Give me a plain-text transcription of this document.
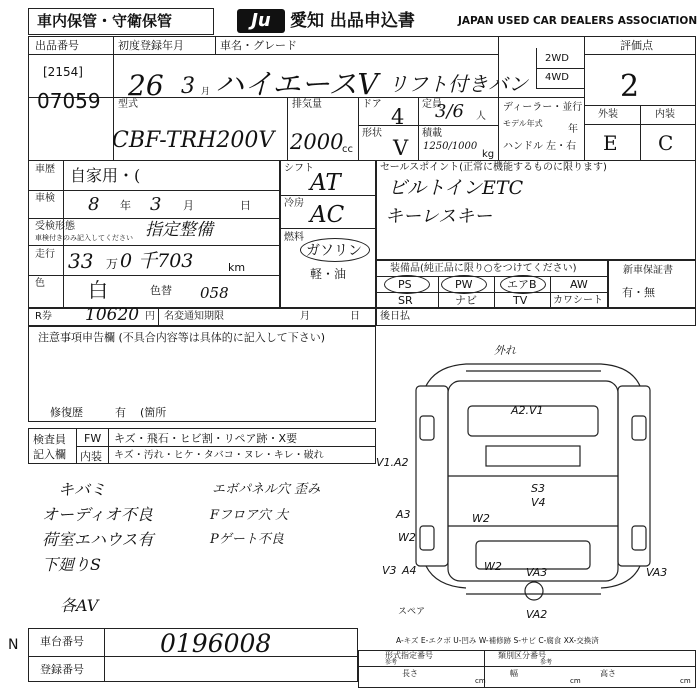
車内保管・守衛保管	Ju	愛知 出品申込書	JAPAN USED CAR DEALERS ASSOCIATION
出品番号
[2154]
07059
初度登録年月	車名・グレード
26 3 月 ハイエースV リフト付きバン
2WD
4WD
評価点
2
外装	内装
E C
型式
CBF-TRH200V
排気量
2000
cc
ドア
4
形状
V
定員
3/6 人
積載
1250/1000
kg
ディーラー・並行
モデル年式
年
ハンドル 左・右
車歴 自家用・(
車検 8 年 3 月	日
受検形態
車検付きのみ記入してください 指定整備
走行 33 万 0 千703	km
色 白	色替 058
シフト
AT
冷房 AC
燃料
ガソリン
軽・油
セールスポイント(正常に機能するものに限ります)
ビルトインETC
キーレスキー
装備品(純正品に限り○をつけてください)
PS	PW	エアB	AW
SR	ナビ	TV	カワシート
新車保証書
有・無
R券 10620 円 名変通知期限	月	日 後日払
注意事項申告欄 (不具合内容等は具体的に記入して下さい)
修復歴	有 (箇所
検査員
記入欄
FW キズ・飛石・ヒビ割・リペア跡・X要
内装 キズ・汚れ・ヒケ・タバコ・ヌレ・キレ・破れ
キバミ
オーディオ不良
荷室エハウス有
下廻りS
各AV
エボパネル穴 歪み
Fフロア穴 大
Pゲート不良
外れ
A2.V1
V1.A2
S3
V4
A3	W2
W2
V3 A4	W2 VA3	VA3
VA2
スペア
A-キズ E-エクボ U-凹み W-補修跡 S-サビ C-腐食 XX-交換済
N 車台番号	0196008
登録番号
形式指定番号
参考
類別区分番号
参考
長さ	幅	高さ
cm	cm	cm
